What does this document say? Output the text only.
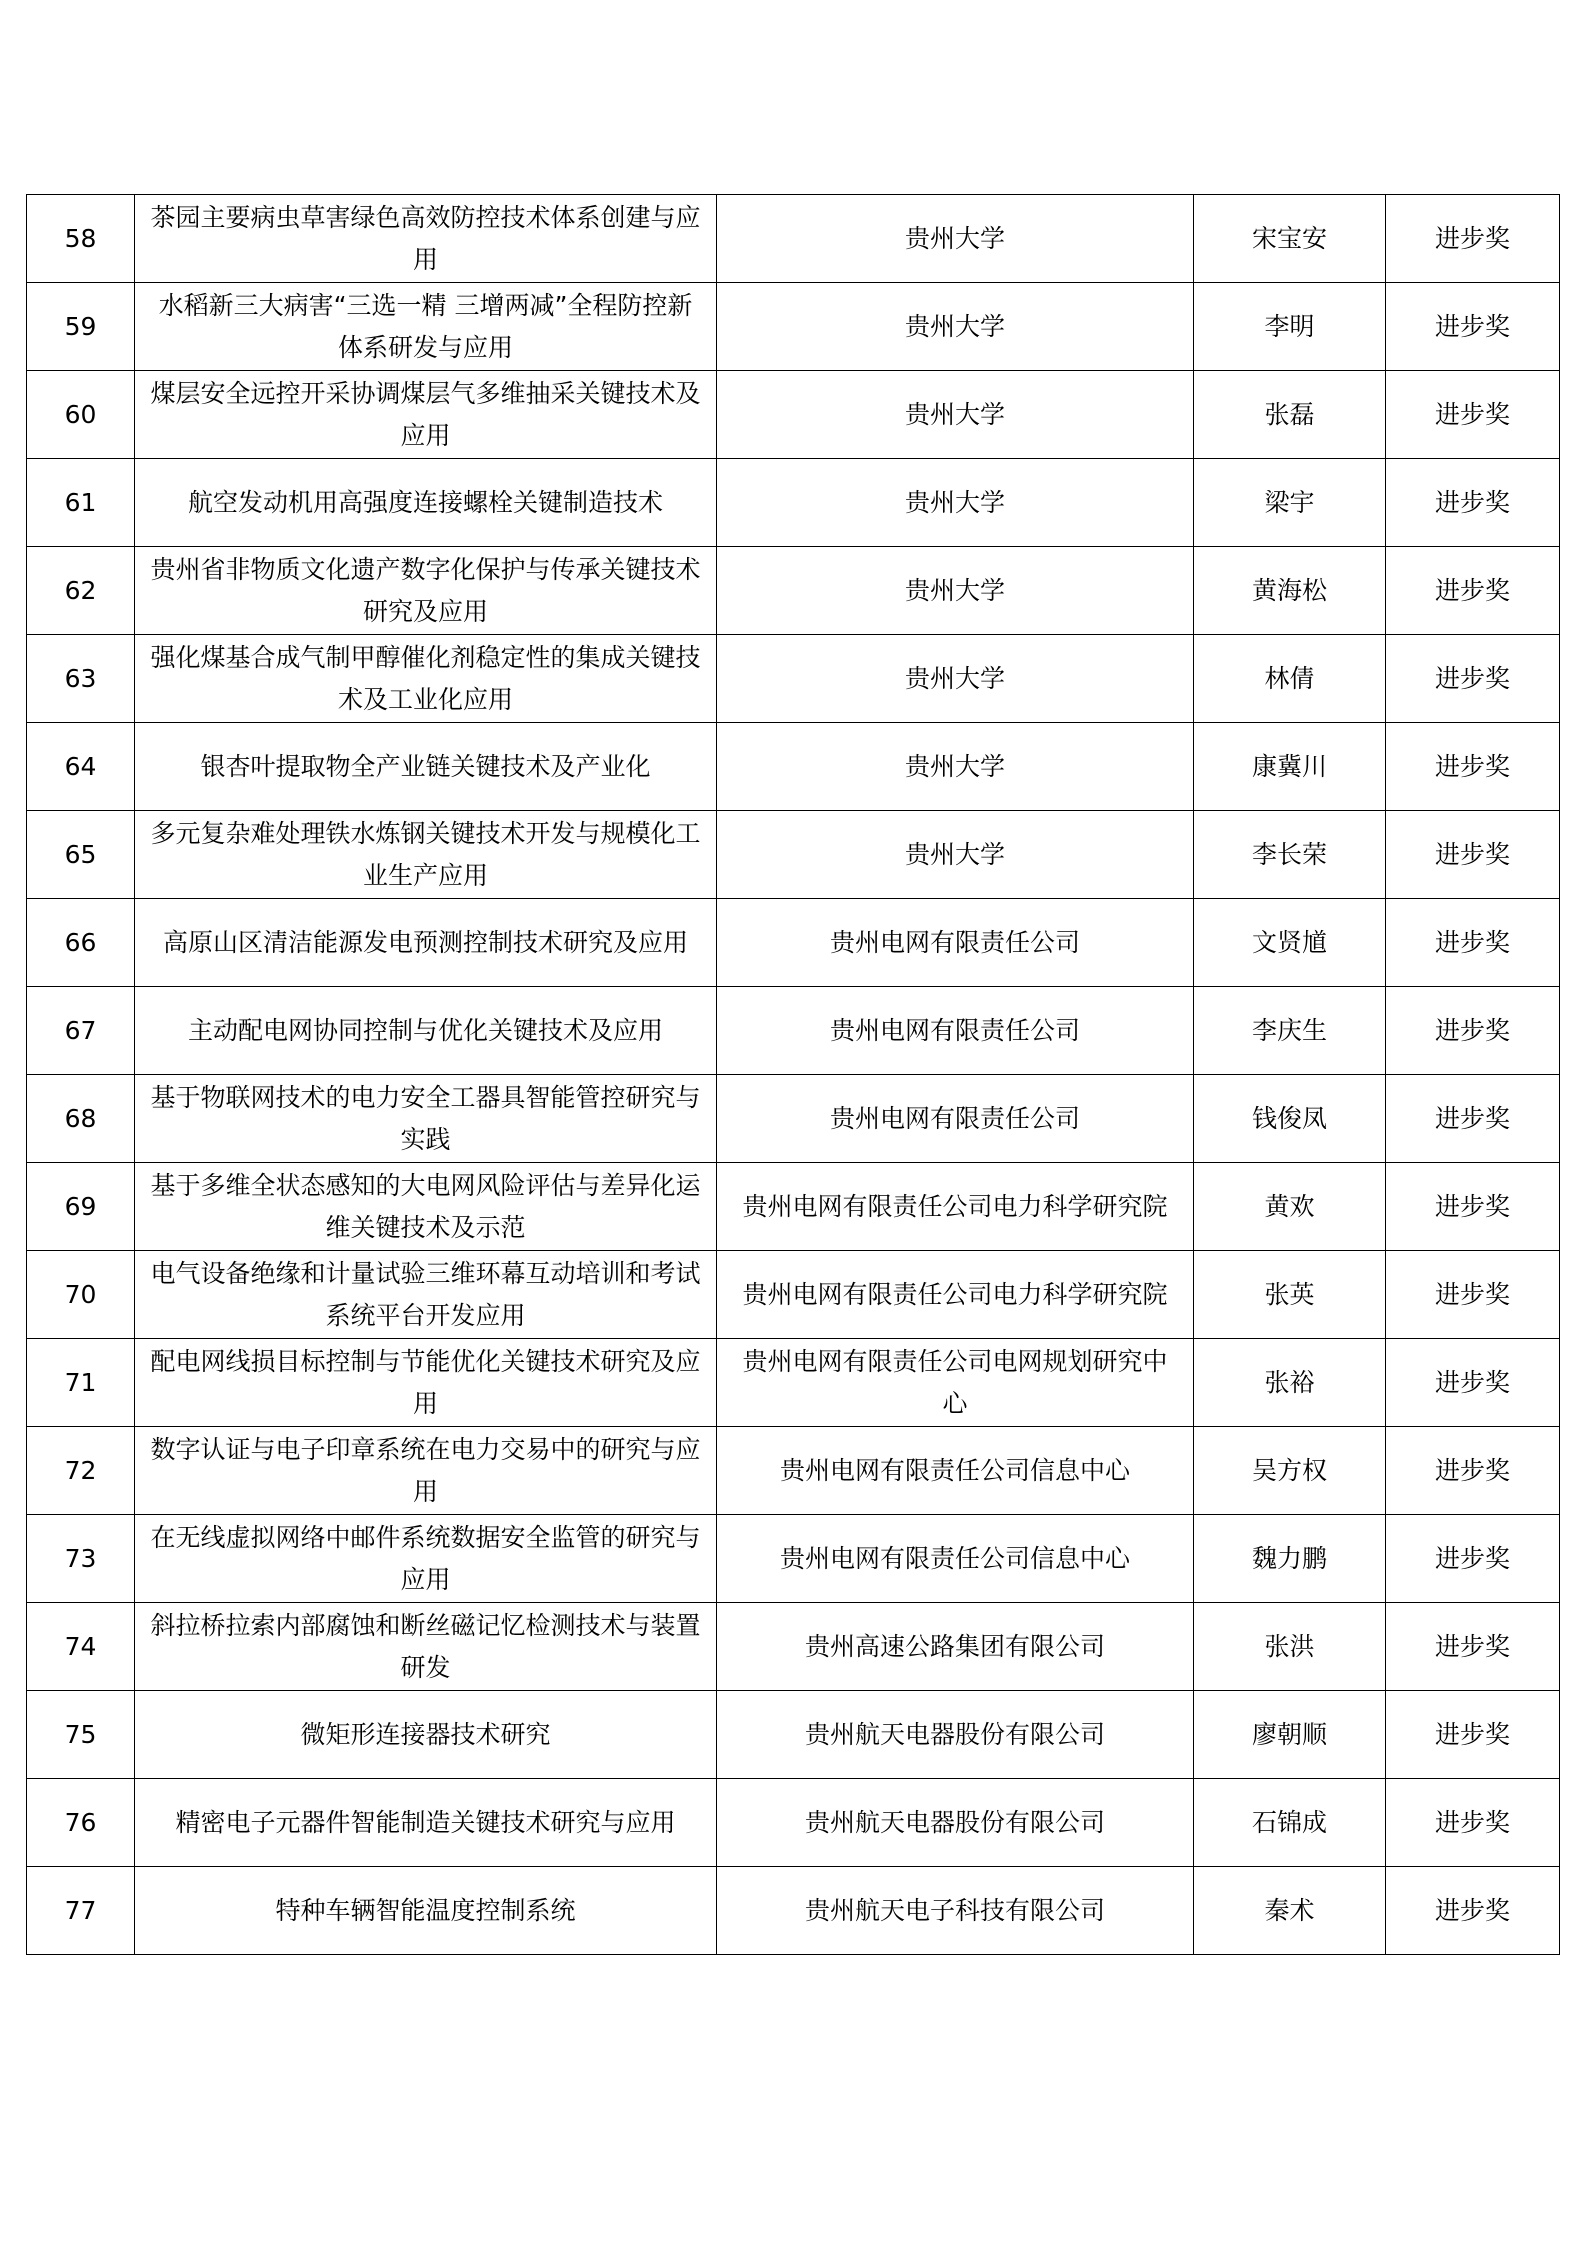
58	茶园主要病虫草害绿色高效防控技术体系创建与应用	贵州大学	宋宝安	进步奖
59	水稻新三大病害“三选一精 三增两减”全程防控新体系研发与应用	贵州大学	李明	进步奖
60	煤层安全远控开采协调煤层气多维抽采关键技术及应用	贵州大学	张磊	进步奖
61	航空发动机用高强度连接螺栓关键制造技术	贵州大学	梁宇	进步奖
62	贵州省非物质文化遗产数字化保护与传承关键技术研究及应用	贵州大学	黄海松	进步奖
63	强化煤基合成气制甲醇催化剂稳定性的集成关键技术及工业化应用	贵州大学	林倩	进步奖
64	银杏叶提取物全产业链关键技术及产业化	贵州大学	康冀川	进步奖
65	多元复杂难处理铁水炼钢关键技术开发与规模化工业生产应用	贵州大学	李长荣	进步奖
66	高原山区清洁能源发电预测控制技术研究及应用	贵州电网有限责任公司	文贤馗	进步奖
67	主动配电网协同控制与优化关键技术及应用	贵州电网有限责任公司	李庆生	进步奖
68	基于物联网技术的电力安全工器具智能管控研究与实践	贵州电网有限责任公司	钱俊凤	进步奖
69	基于多维全状态感知的大电网风险评估与差异化运维关键技术及示范	贵州电网有限责任公司电力科学研究院	黄欢	进步奖
70	电气设备绝缘和计量试验三维环幕互动培训和考试系统平台开发应用	贵州电网有限责任公司电力科学研究院	张英	进步奖
71	配电网线损目标控制与节能优化关键技术研究及应用	贵州电网有限责任公司电网规划研究中心	张裕	进步奖
72	数字认证与电子印章系统在电力交易中的研究与应用	贵州电网有限责任公司信息中心	吴方权	进步奖
73	在无线虚拟网络中邮件系统数据安全监管的研究与应用	贵州电网有限责任公司信息中心	魏力鹏	进步奖
74	斜拉桥拉索内部腐蚀和断丝磁记忆检测技术与装置研发	贵州高速公路集团有限公司	张洪	进步奖
75	微矩形连接器技术研究	贵州航天电器股份有限公司	廖朝顺	进步奖
76	精密电子元器件智能制造关键技术研究与应用	贵州航天电器股份有限公司	石锦成	进步奖
77	特种车辆智能温度控制系统	贵州航天电子科技有限公司	秦术	进步奖
